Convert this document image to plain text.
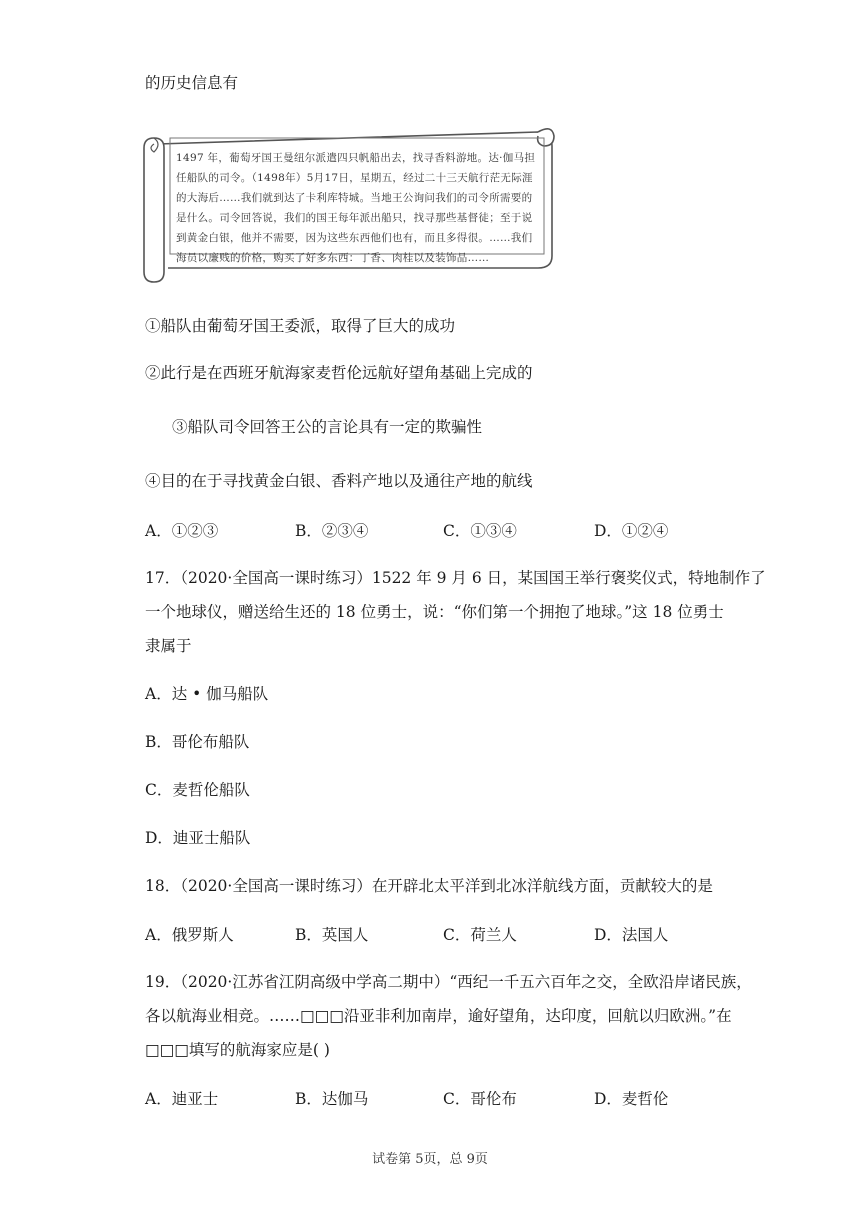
的历史信息有
1497 年，葡萄牙国王曼纽尔派遣四只帆船出去，找寻香料游地。达·伽马担任船队的司令。（1498年）5月17日，星期五，经过二十三天航行茫无际涯的大海后……我们就到达了卡利库特城。当地王公询问我们的司令所需要的是什么。司令回答说，我们的国王每年派出船只，找寻那些基督徒；至于说到黄金白银，他并不需要，因为这些东西他们也有，而且多得很。……我们海员以廉贱的价格，购买了好多东西：丁香、肉桂以及装饰品……
①船队由葡萄牙国王委派，取得了巨大的成功
②此行是在西班牙航海家麦哲伦远航好望角基础上完成的
③船队司令回答王公的言论具有一定的欺骗性
④目的在于寻找黄金白银、香料产地以及通往产地的航线
A．①②③	B．②③④	C．①③④	D．①②④
17．（2020·全国高一课时练习）1522 年 9 月 6 日，某国国王举行褒奖仪式，特地制作了
一个地球仪，赠送给生还的 18 位勇士，说：“你们第一个拥抱了地球。”这 18 位勇士
隶属于
A．达 • 伽马船队
B．哥伦布船队
C．麦哲伦船队
D．迪亚士船队
18．（2020·全国高一课时练习）在开辟北太平洋到北冰洋航线方面，贡献较大的是
A．俄罗斯人	B．英国人	C．荷兰人	D．法国人
19．（2020·江苏省江阴高级中学高二期中）“西纪一千五六百年之交，全欧沿岸诸民族，
各以航海业相竞。……□□□沿亚非利加南岸，逾好望角，达印度，回航以归欧洲。”在
□□□填写的航海家应是( )
A．迪亚士	B．达伽马	C．哥伦布	D．麦哲伦
试卷第 5页，总 9页
